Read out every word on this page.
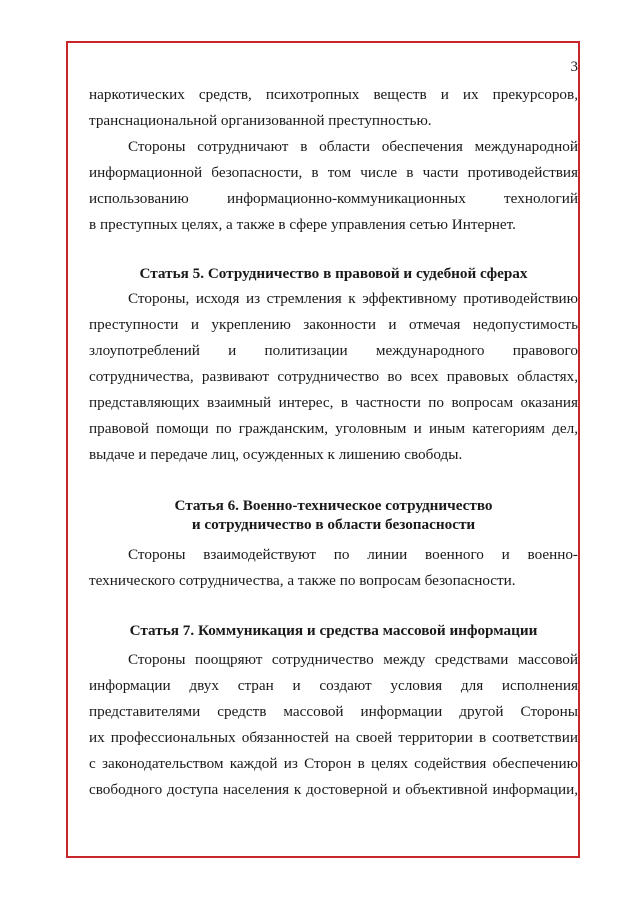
3

наркотических средств, психотропных веществ и их прекурсоров,

транснациональной организованной преступностью.

Стороны сотрудничают в области обеспечения международной

информационной безопасности, в том числе в части противодействия

использованию информационно-коммуникационных технологий

в преступных целях, а также в сфере управления сетью Интернет.

Статья 5. Сотрудничество в правовой и судебной сферах

Стороны, исходя из стремления к эффективному противодействию

преступности и укреплению законности и отмечая недопустимость

злоупотреблений и политизации международного правового

сотрудничества, развивают сотрудничество во всех правовых областях,

представляющих взаимный интерес, в частности по вопросам оказания

правовой помощи по гражданским, уголовным и иным категориям дел,

выдаче и передаче лиц, осужденных к лишению свободы.

Статья 6. Военно-техническое сотрудничество
и сотрудничество в области безопасности

Стороны взаимодействуют по линии военного и военно-

технического сотрудничества, а также по вопросам безопасности.

Статья 7. Коммуникация и средства массовой информации

Стороны поощряют сотрудничество между средствами массовой

информации двух стран и создают условия для исполнения

представителями средств массовой информации другой Стороны

их профессиональных обязанностей на своей территории в соответствии

с законодательством каждой из Сторон в целях содействия обеспечению

свободного доступа населения к достоверной и объективной информации,
